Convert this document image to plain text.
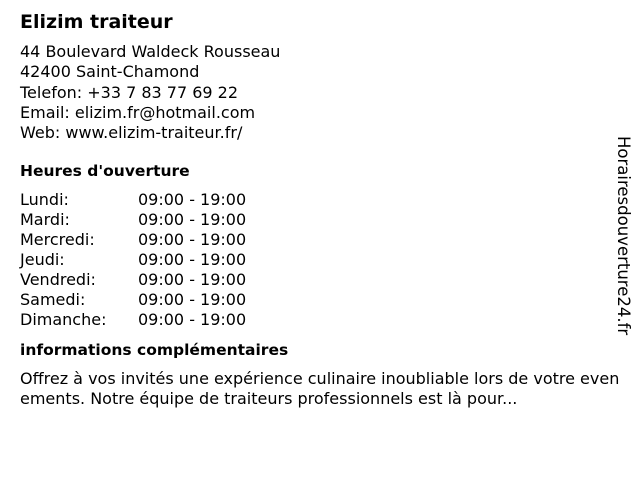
Elizim traiteur
44 Boulevard Waldeck Rousseau
42400 Saint-Chamond
Telefon: +33 7 83 77 69 22
Email: elizim.fr@hotmail.com
Web: www.elizim-traiteur.fr/
Heures d'ouverture
Lundi:	09:00 - 19:00
Mardi:	09:00 - 19:00
Mercredi:	09:00 - 19:00
Jeudi:	09:00 - 19:00
Vendredi:	09:00 - 19:00
Samedi:	09:00 - 19:00
Dimanche: 09:00 - 19:00
informations complémentaires
Offrez à vos invités une expérience culinaire inoubliable lors de votre evenements. Notre équipe de traiteurs professionnels est là pour...
Horairesdouverture24.fr
